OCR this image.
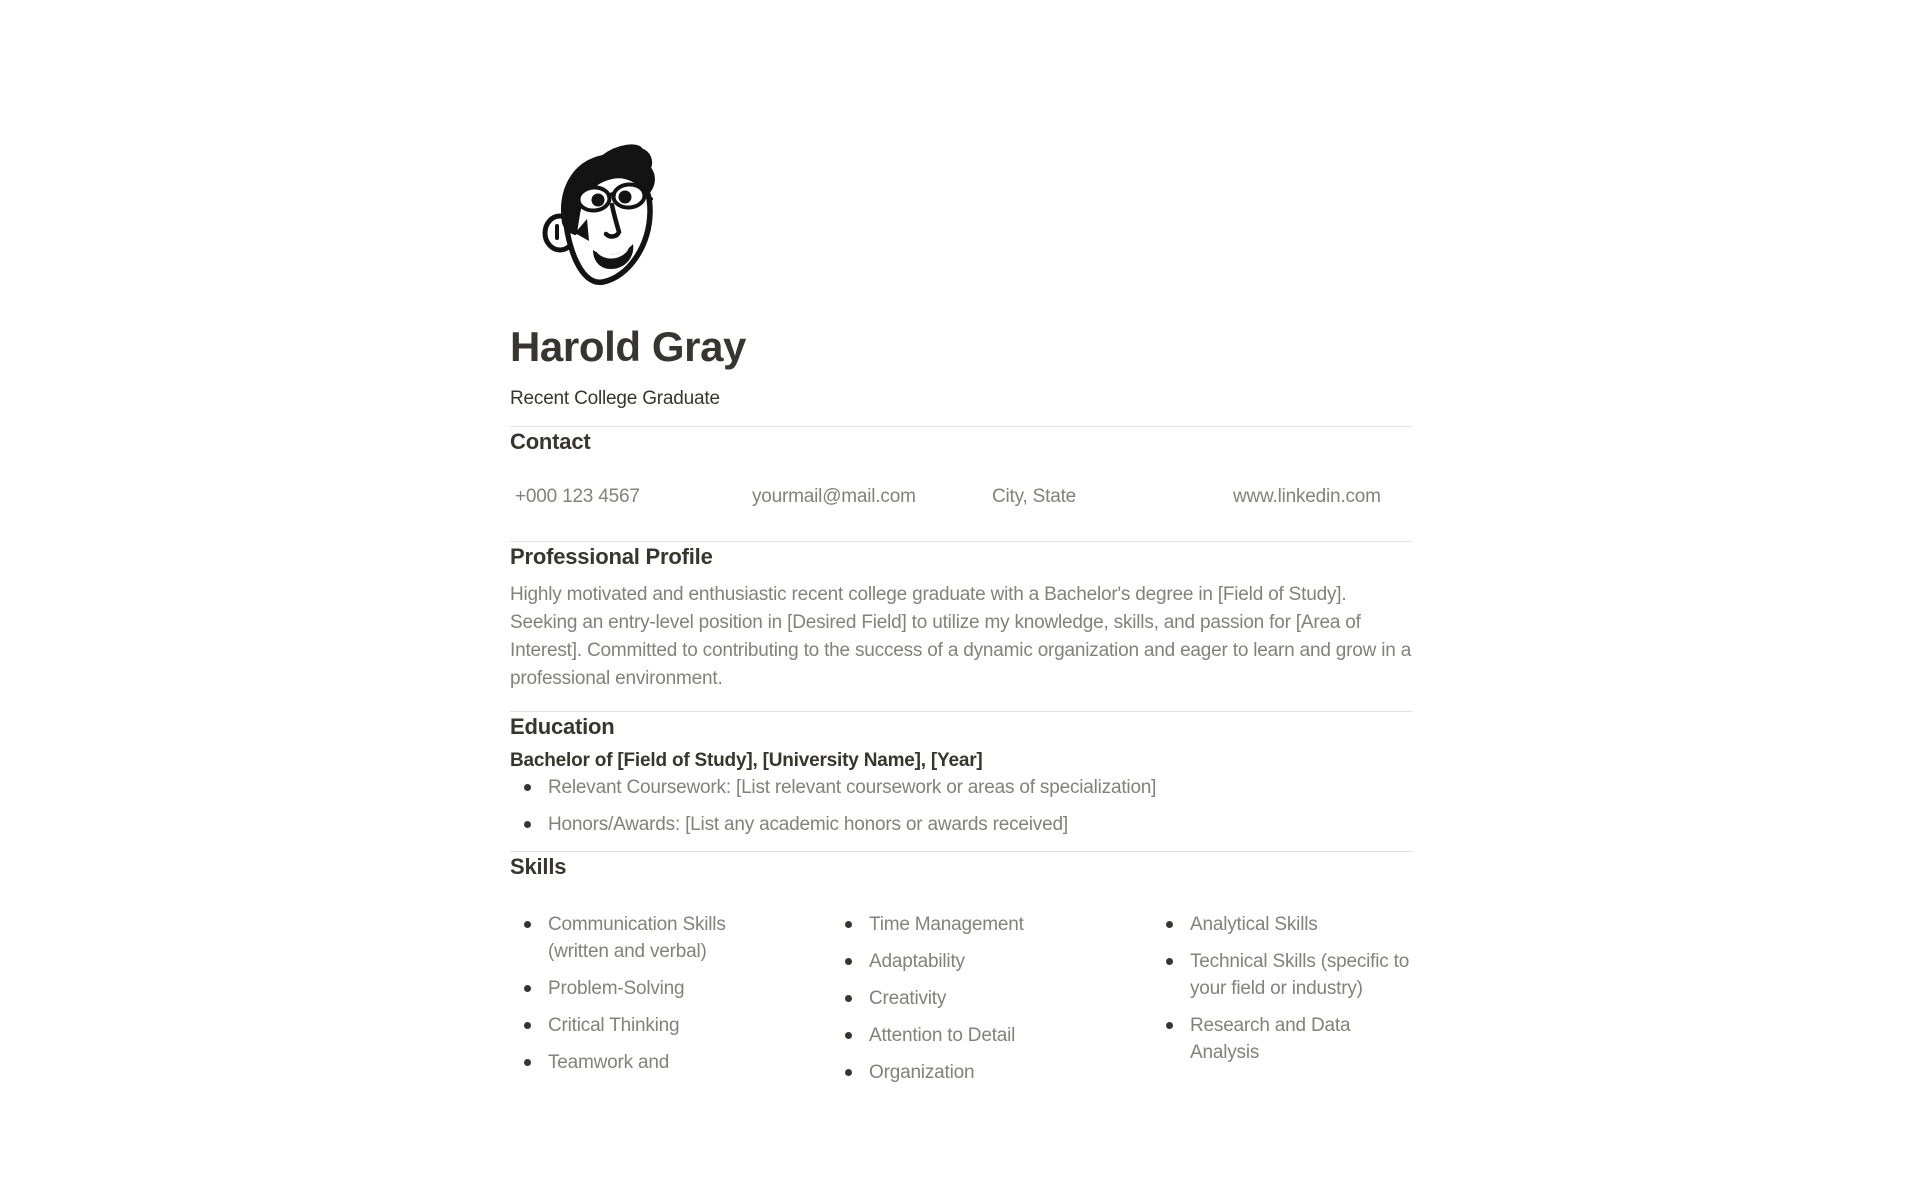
Harold Gray
Recent College Graduate
Contact
+000 123 4567	yourmail@mail.com	City, State	www.linkedin.com
Professional Profile

Highly motivated and enthusiastic recent college graduate with a Bachelor's degree in [Field of Study]. Seeking an entry-level position in [Desired Field] to utilize my knowledge, skills, and passion for [Area of Interest]. Committed to contributing to the success of a dynamic organization and eager to learn and grow in a professional environment.

Education
Bachelor of [Field of Study], [University Name], [Year]
Relevant Coursework: [List relevant coursework or areas of specialization]
Honors/Awards: [List any academic honors or awards received]
Skills
Communication Skills (written and verbal)
Problem-Solving
Critical Thinking
Teamwork and
Time Management
Adaptability
Creativity
Attention to Detail
Organization
Analytical Skills
Technical Skills (specific to your field or industry)
Research and Data Analysis
